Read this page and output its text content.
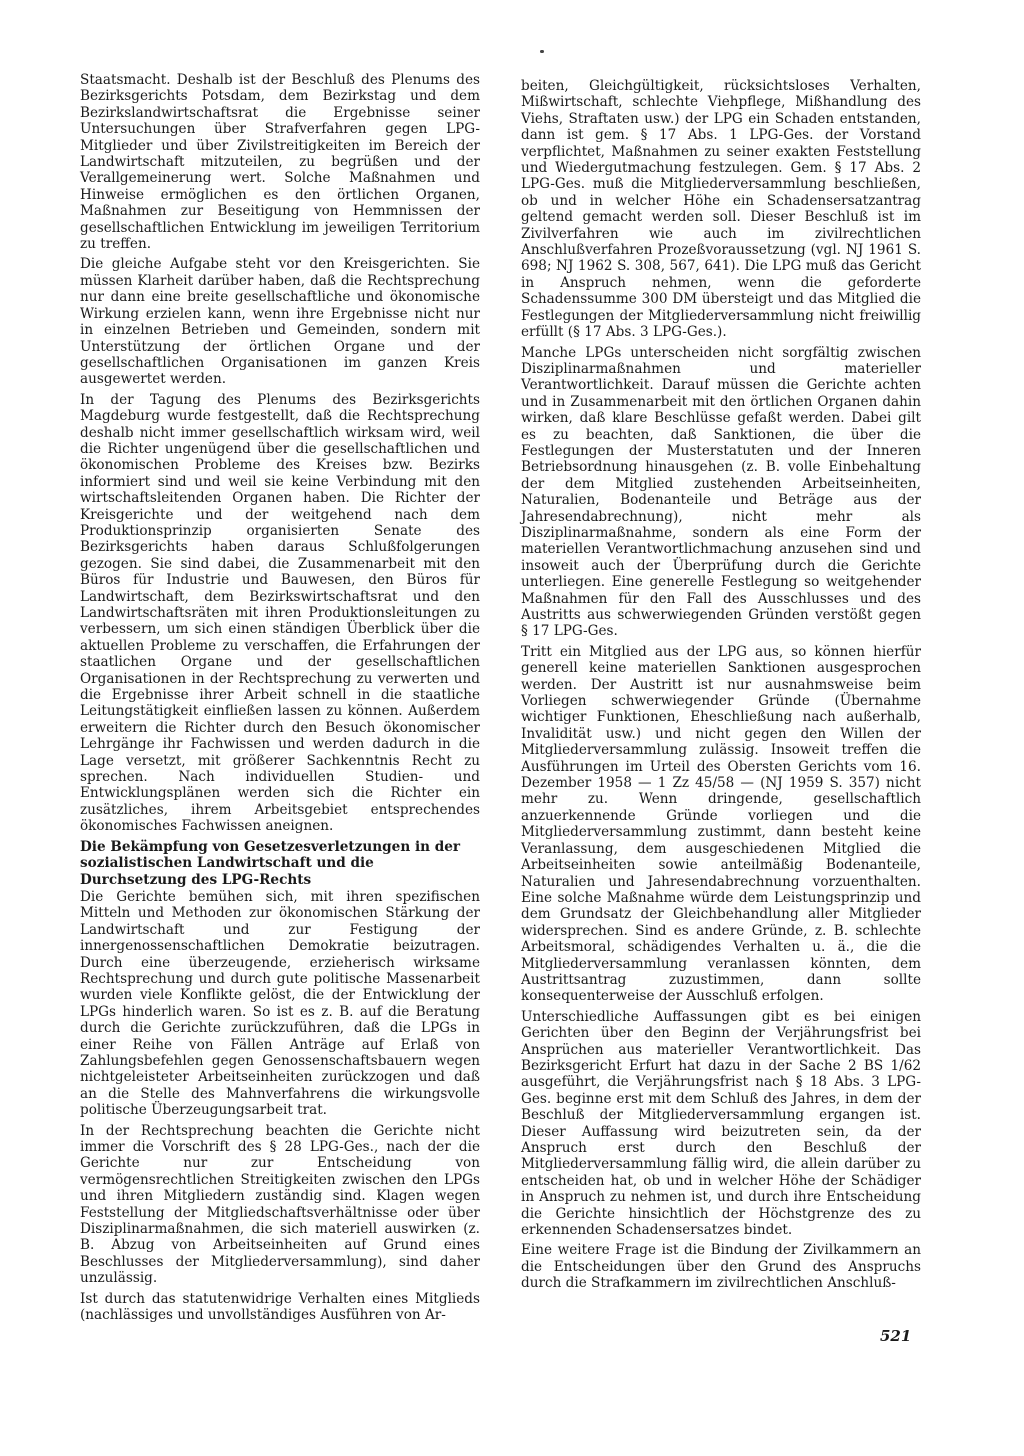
Staatsmacht. Deshalb ist der Beschluß des Plenums des Bezirksgerichts Potsdam, dem Bezirkstag und dem Bezirkslandwirtschaftsrat die Ergebnisse seiner Untersuchungen über Strafverfahren gegen LPG-Mitglieder und über Zivilstreitigkeiten im Bereich der Landwirtschaft mitzuteilen, zu begrüßen und der Verallgemeinerung wert. Solche Maßnahmen und Hinweise ermöglichen es den örtlichen Organen, Maßnahmen zur Beseitigung von Hemmnissen der gesellschaftlichen Entwicklung im jeweiligen Territorium zu treffen.

Die gleiche Aufgabe steht vor den Kreisgerichten. Sie müssen Klarheit darüber haben, daß die Rechtsprechung nur dann eine breite gesellschaftliche und ökonomische Wirkung erzielen kann, wenn ihre Ergebnisse nicht nur in einzelnen Betrieben und Gemeinden, sondern mit Unterstützung der örtlichen Organe und der gesellschaftlichen Organisationen im ganzen Kreis ausgewertet werden.

In der Tagung des Plenums des Bezirksgerichts Magdeburg wurde festgestellt, daß die Rechtsprechung deshalb nicht immer gesellschaftlich wirksam wird, weil die Richter ungenügend über die gesellschaftlichen und ökonomischen Probleme des Kreises bzw. Bezirks informiert sind und weil sie keine Verbindung mit den wirtschaftsleitenden Organen haben. Die Richter der Kreisgerichte und der weitgehend nach dem Produktionsprinzip organisierten Senate des Bezirksgerichts haben daraus Schlußfolgerungen gezogen. Sie sind dabei, die Zusammenarbeit mit den Büros für Industrie und Bauwesen, den Büros für Landwirtschaft, dem Bezirkswirtschaftsrat und den Landwirtschaftsräten mit ihren Produktionsleitungen zu verbessern, um sich einen ständigen Überblick über die aktuellen Probleme zu verschaffen, die Erfahrungen der staatlichen Organe und der gesellschaftlichen Organisationen in der Rechtsprechung zu verwerten und die Ergebnisse ihrer Arbeit schnell in die staatliche Leitungstätigkeit einfließen lassen zu können. Außerdem erweitern die Richter durch den Besuch ökonomischer Lehrgänge ihr Fachwissen und werden dadurch in die Lage versetzt, mit größerer Sachkenntnis Recht zu sprechen. Nach individuellen Studien- und Entwicklungsplänen werden sich die Richter ein zusätzliches, ihrem Arbeitsgebiet entsprechendes ökonomisches Fachwissen aneignen.

Die Bekämpfung von Gesetzesverletzungen in der sozialistischen Landwirtschaft und die Durchsetzung des LPG-Rechts

Die Gerichte bemühen sich, mit ihren spezifischen Mitteln und Methoden zur ökonomischen Stärkung der Landwirtschaft und zur Festigung der innergenossenschaftlichen Demokratie beizutragen. Durch eine überzeugende, erzieherisch wirksame Rechtsprechung und durch gute politische Massenarbeit wurden viele Konflikte gelöst, die der Entwicklung der LPGs hinderlich waren. So ist es z. B. auf die Beratung durch die Gerichte zurückzuführen, daß die LPGs in einer Reihe von Fällen Anträge auf Erlaß von Zahlungsbefehlen gegen Genossenschaftsbauern wegen nichtgeleisteter Arbeitseinheiten zurückzogen und daß an die Stelle des Mahnverfahrens die wirkungsvolle politische Überzeugungsarbeit trat.

In der Rechtsprechung beachten die Gerichte nicht immer die Vorschrift des § 28 LPG-Ges., nach der die Gerichte nur zur Entscheidung von vermögensrechtlichen Streitigkeiten zwischen den LPGs und ihren Mitgliedern zuständig sind. Klagen wegen Feststellung der Mitgliedschaftsverhältnisse oder über Disziplinarmaßnahmen, die sich materiell auswirken (z. B. Abzug von Arbeitseinheiten auf Grund eines Beschlusses der Mitgliederversammlung), sind daher unzulässig.

Ist durch das statutenwidrige Verhalten eines Mitglieds (nachlässiges und unvollständiges Ausführen von Ar-

beiten, Gleichgültigkeit, rücksichtsloses Verhalten, Mißwirtschaft, schlechte Viehpflege, Mißhandlung des Viehs, Straftaten usw.) der LPG ein Schaden entstanden, dann ist gem. § 17 Abs. 1 LPG-Ges. der Vorstand verpflichtet, Maßnahmen zu seiner exakten Feststellung und Wiedergutmachung festzulegen. Gem. § 17 Abs. 2 LPG-Ges. muß die Mitgliederversammlung beschließen, ob und in welcher Höhe ein Schadensersatzantrag geltend gemacht werden soll. Dieser Beschluß ist im Zivilverfahren wie auch im zivilrechtlichen Anschlußverfahren Prozeßvoraussetzung (vgl. NJ 1961 S. 698; NJ 1962 S. 308, 567, 641). Die LPG muß das Gericht in Anspruch nehmen, wenn die geforderte Schadenssumme 300 DM übersteigt und das Mitglied die Festlegungen der Mitgliederversammlung nicht freiwillig erfüllt (§ 17 Abs. 3 LPG-Ges.).

Manche LPGs unterscheiden nicht sorgfältig zwischen Disziplinarmaßnahmen und materieller Verantwortlichkeit. Darauf müssen die Gerichte achten und in Zusammenarbeit mit den örtlichen Organen dahin wirken, daß klare Beschlüsse gefaßt werden. Dabei gilt es zu beachten, daß Sanktionen, die über die Festlegungen der Musterstatuten und der Inneren Betriebsordnung hinausgehen (z. B. volle Einbehaltung der dem Mitglied zustehenden Arbeitseinheiten, Naturalien, Bodenanteile und Beträge aus der Jahresendabrechnung), nicht mehr als Disziplinarmaßnahme, sondern als eine Form der materiellen Verantwortlichmachung anzusehen sind und insoweit auch der Überprüfung durch die Gerichte unterliegen. Eine generelle Festlegung so weitgehender Maßnahmen für den Fall des Ausschlusses und des Austritts aus schwerwiegenden Gründen verstößt gegen § 17 LPG-Ges.

Tritt ein Mitglied aus der LPG aus, so können hierfür generell keine materiellen Sanktionen ausgesprochen werden. Der Austritt ist nur ausnahmsweise beim Vorliegen schwerwiegender Gründe (Übernahme wichtiger Funktionen, Eheschließung nach außerhalb, Invalidität usw.) und nicht gegen den Willen der Mitgliederversammlung zulässig. Insoweit treffen die Ausführungen im Urteil des Obersten Gerichts vom 16. Dezember 1958 — 1 Zz 45/58 — (NJ 1959 S. 357) nicht mehr zu. Wenn dringende, gesellschaftlich anzuerkennende Gründe vorliegen und die Mitgliederversammlung zustimmt, dann besteht keine Veranlassung, dem ausgeschiedenen Mitglied die Arbeitseinheiten sowie anteilmäßig Bodenanteile, Naturalien und Jahresendabrechnung vorzuenthalten. Eine solche Maßnahme würde dem Leistungsprinzip und dem Grundsatz der Gleichbehandlung aller Mitglieder widersprechen. Sind es andere Gründe, z. B. schlechte Arbeitsmoral, schädigendes Verhalten u. ä., die die Mitgliederversammlung veranlassen könnten, dem Austrittsantrag zuzustimmen, dann sollte konsequenterweise der Ausschluß erfolgen.

Unterschiedliche Auffassungen gibt es bei einigen Gerichten über den Beginn der Verjährungsfrist bei Ansprüchen aus materieller Verantwortlichkeit. Das Bezirksgericht Erfurt hat dazu in der Sache 2 BS 1/62 ausgeführt, die Verjährungsfrist nach § 18 Abs. 3 LPG-Ges. beginne erst mit dem Schluß des Jahres, in dem der Beschluß der Mitgliederversammlung ergangen ist. Dieser Auffassung wird beizutreten sein, da der Anspruch erst durch den Beschluß der Mitgliederversammlung fällig wird, die allein darüber zu entscheiden hat, ob und in welcher Höhe der Schädiger in Anspruch zu nehmen ist, und durch ihre Entscheidung die Gerichte hinsichtlich der Höchstgrenze des zu erkennenden Schadensersatzes bindet.

Eine weitere Frage ist die Bindung der Zivilkammern an die Entscheidungen über den Grund des Anspruchs durch die Strafkammern im zivilrechtlichen Anschluß-

521
